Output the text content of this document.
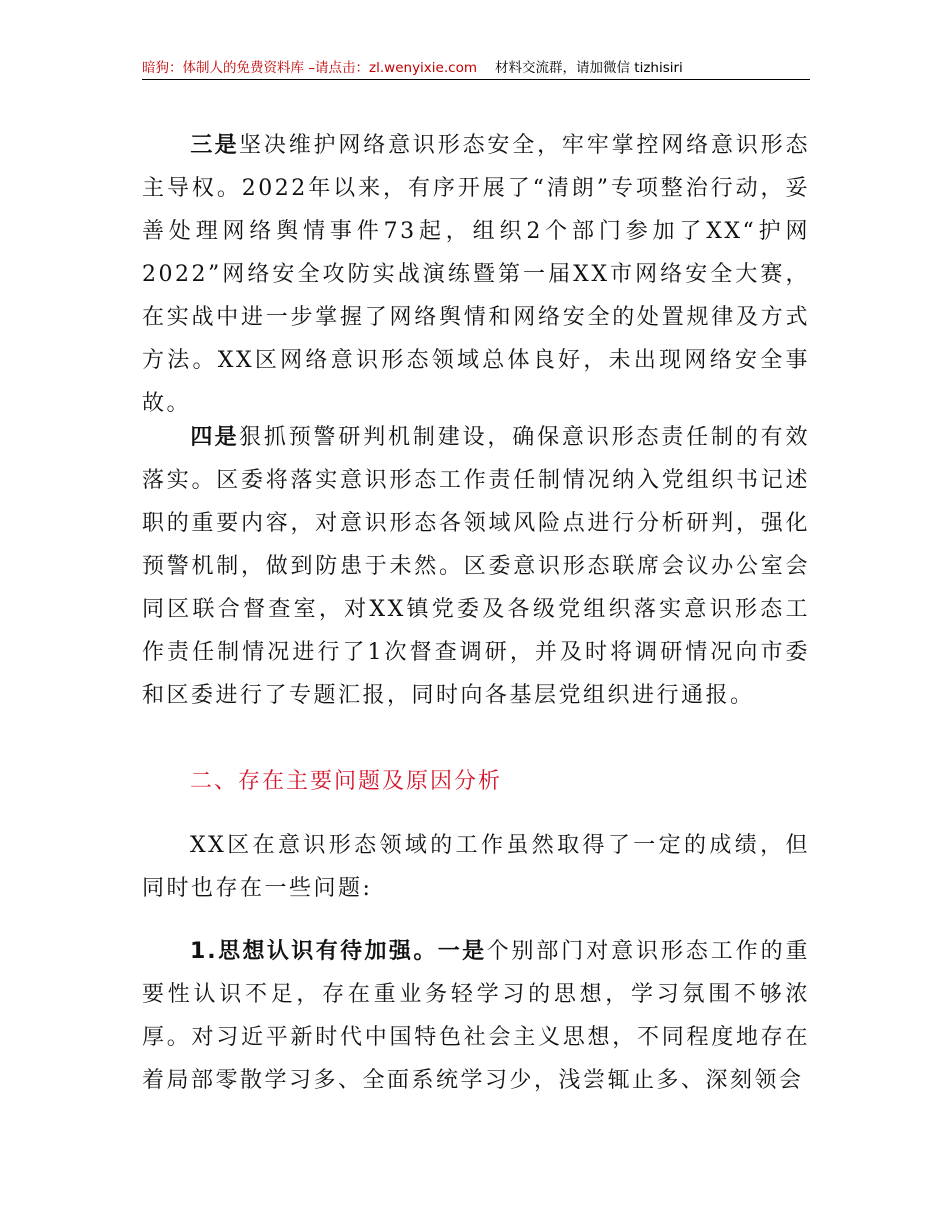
暗狗：体制人的免费资料库 –请点击：zl.wenyixie.com 材料交流群，请加微信 tizhisiri

三是坚决维护网络意识形态安全，牢牢掌控网络意识形态主导权。2022年以来，有序开展了“清朗”专项整治行动，妥善处理网络舆情事件73起，组织2个部门参加了XX“护网2022”网络安全攻防实战演练暨第一届XX市网络安全大赛，在实战中进一步掌握了网络舆情和网络安全的处置规律及方式方法。XX区网络意识形态领域总体良好，未出现网络安全事故。

四是狠抓预警研判机制建设，确保意识形态责任制的有效落实。区委将落实意识形态工作责任制情况纳入党组织书记述职的重要内容，对意识形态各领域风险点进行分析研判，强化预警机制，做到防患于未然。区委意识形态联席会议办公室会同区联合督查室，对XX镇党委及各级党组织落实意识形态工作责任制情况进行了1次督查调研，并及时将调研情况向市委和区委进行了专题汇报，同时向各基层党组织进行通报。

二、存在主要问题及原因分析

XX区在意识形态领域的工作虽然取得了一定的成绩，但同时也存在一些问题:

1.思想认识有待加强。一是个别部门对意识形态工作的重要性认识不足，存在重业务轻学习的思想，学习氛围不够浓厚。对习近平新时代中国特色社会主义思想，不同程度地存在着局部零散学习多、全面系统学习少，浅尝辄止多、深刻领会
